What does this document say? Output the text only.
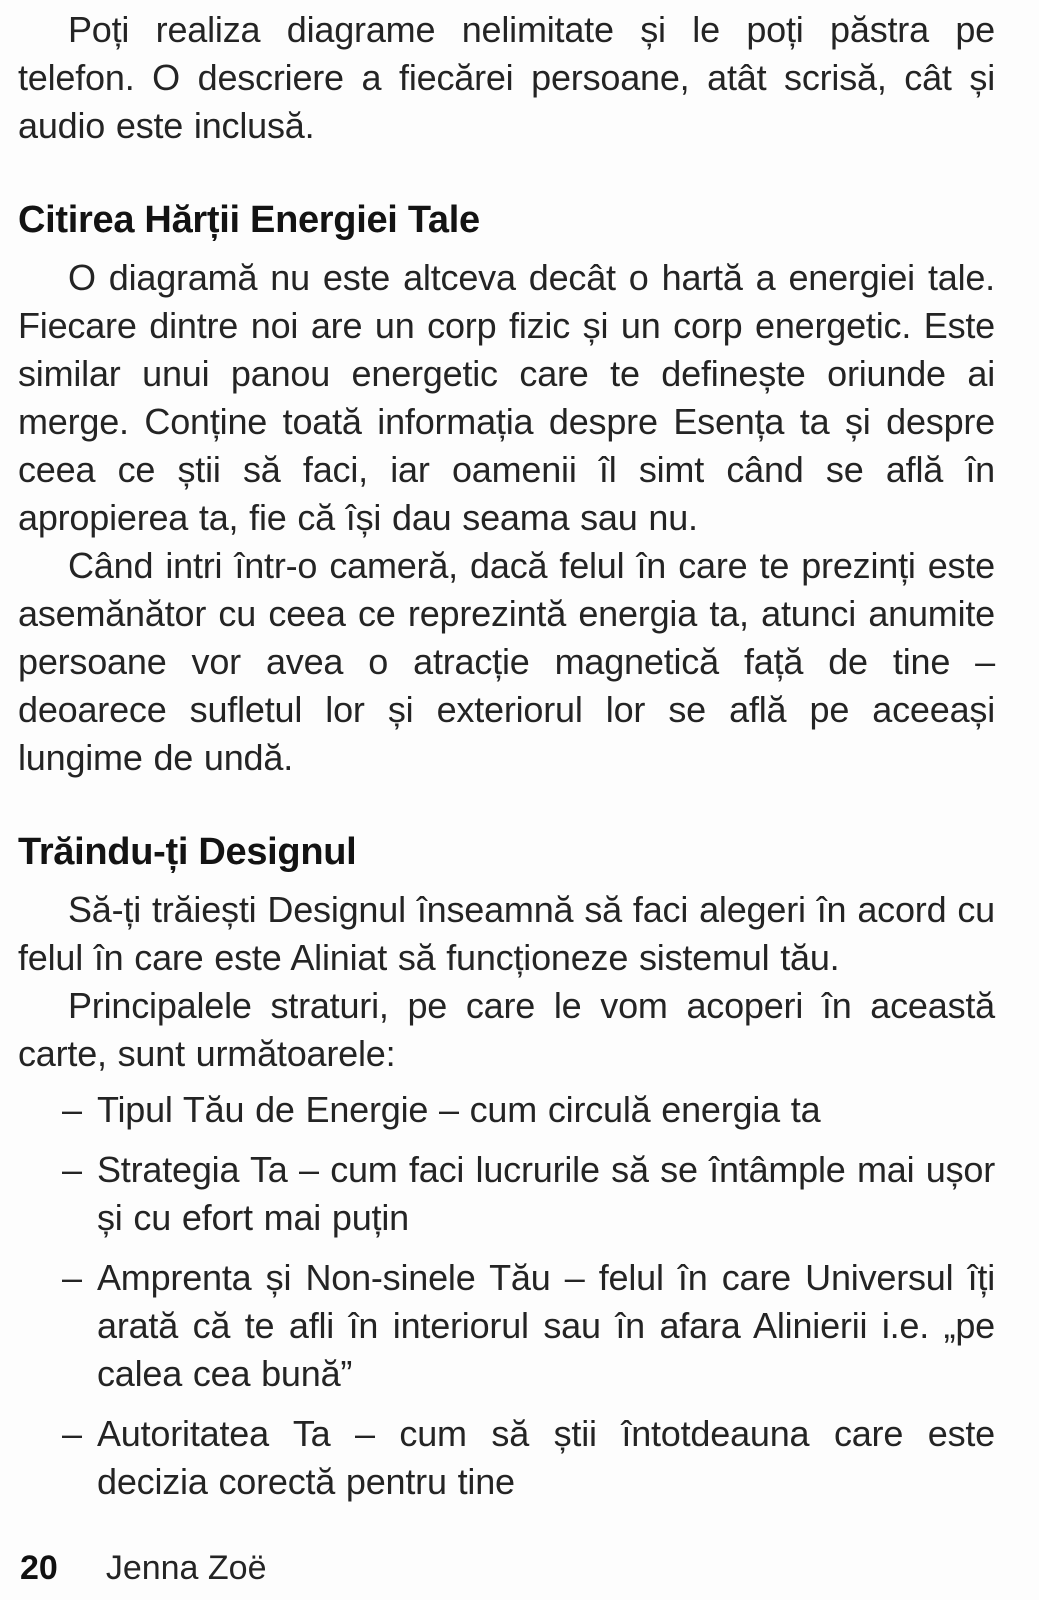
Poți realiza diagrame nelimitate și le poți păstra pe telefon. O descriere a fiecărei persoane, atât scrisă, cât și audio este inclusă.

Citirea Hărții Energiei Tale

O diagramă nu este altceva decât o hartă a energiei tale. Fiecare dintre noi are un corp fizic și un corp energetic. Este similar unui panou energetic care te definește oriunde ai merge. Conține toată informația despre Esența ta și despre ceea ce știi să faci, iar oamenii îl simt când se află în apropierea ta, fie că își dau seama sau nu.

Când intri într-o cameră, dacă felul în care te prezinți este asemănător cu ceea ce reprezintă energia ta, atunci anumite persoane vor avea o atracție magnetică față de tine – deoarece sufletul lor și exteriorul lor se află pe aceeași lungime de undă.

Trăindu-ți Designul

Să-ți trăiești Designul înseamnă să faci alegeri în acord cu felul în care este Aliniat să funcționeze sistemul tău.

Principalele straturi, pe care le vom acoperi în această carte, sunt următoarele:

– Tipul Tău de Energie – cum circulă energia ta
– Strategia Ta – cum faci lucrurile să se întâmple mai ușor și cu efort mai puțin
– Amprenta și Non-sinele Tău – felul în care Universul îți arată că te afli în interiorul sau în afara Alinierii i.e. „pe calea cea bună”
– Autoritatea Ta – cum să știi întotdeauna care este decizia corectă pentru tine
20 Jenna Zoë
